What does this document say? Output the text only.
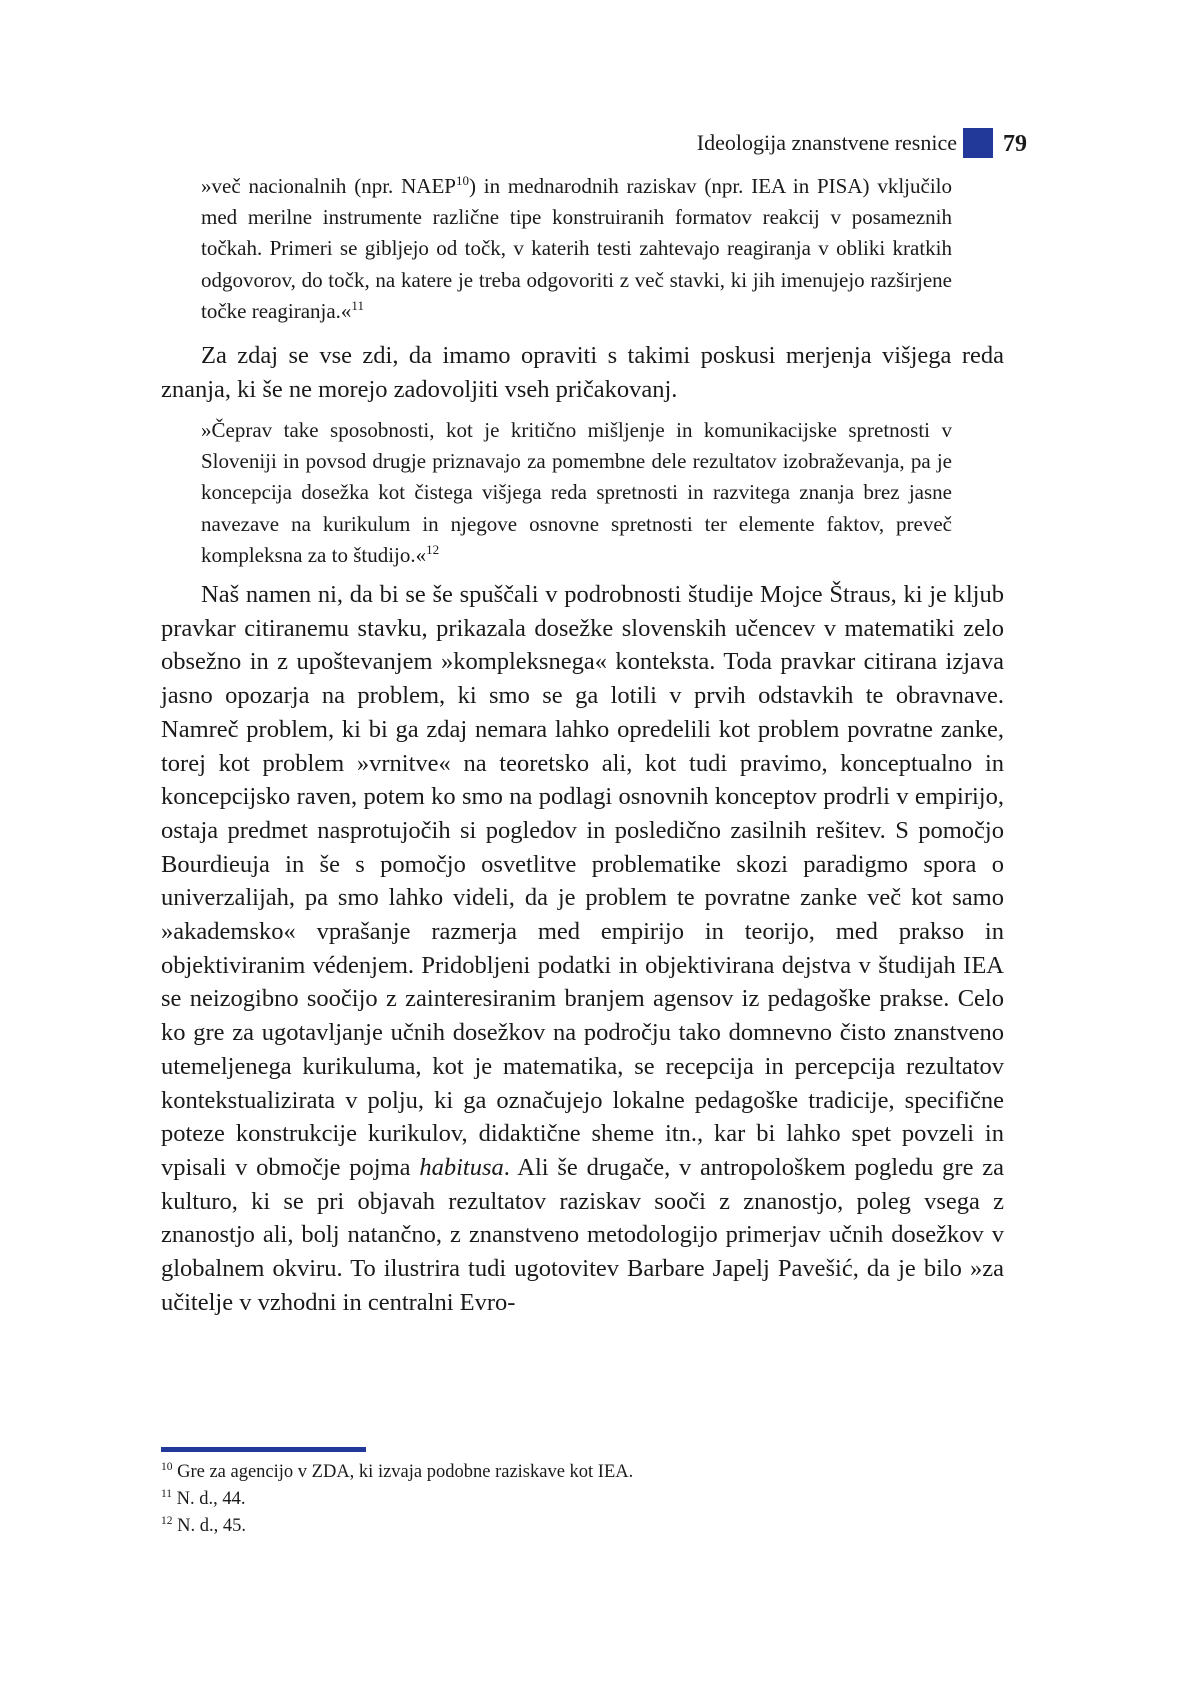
Ideologija znanstvene resnice 79

»več nacionalnih (npr. NAEP$^{10}$) in mednarodnih raziskav (npr. IEA in PISA) vključilo med merilne instrumente različne tipe konstruiranih formatov reakcij v posameznih točkah. Primeri se gibljejo od točk, v katerih testi zahtevajo reagiranja v obliki kratkih odgovorov, do točk, na katere je treba odgovoriti z več stavki, ki jih imenujejo razširjene točke reagiranja.«$^{11}$

Za zdaj se vse zdi, da imamo opraviti s takimi poskusi merjenja višjega reda znanja, ki še ne morejo zadovoljiti vseh pričakovanj.

»Čeprav take sposobnosti, kot je kritično mišljenje in komunikacijske spretnosti v Sloveniji in povsod drugje priznavajo za pomembne dele rezultatov izobraževanja, pa je koncepcija dosežka kot čistega višjega reda spretnosti in razvitega znanja brez jasne navezave na kurikulum in njegove osnovne spretnosti ter elemente faktov, preveč kompleksna za to študijo.«$^{12}$

Naš namen ni, da bi se še spuščali v podrobnosti študije Mojce Štraus, ki je kljub pravkar citiranemu stavku, prikazala dosežke slovenskih učencev v matematiki zelo obsežno in z upoštevanjem »kompleksnega« konteksta. Toda pravkar citirana izjava jasno opozarja na problem, ki smo se ga lotili v prvih odstavkih te obravnave. Namreč problem, ki bi ga zdaj nemara lahko opredelili kot problem povratne zanke, torej kot problem »vrnitve« na teoretsko ali, kot tudi pravimo, konceptualno in koncepcijsko raven, potem ko smo na podlagi osnovnih konceptov prodrli v empirijo, ostaja predmet nasprotujočih si pogledov in posledično zasilnih rešitev. S pomočjo Bourdieuja in še s pomočjo osvetlitve problematike skozi paradigmo spora o univerzalijah, pa smo lahko videli, da je problem te povratne zanke več kot samo »akademsko« vprašanje razmerja med empirijo in teorijo, med prakso in objektiviranim védenjem. Pridobljeni podatki in objektivirana dejstva v študijah IEA se neizogibno soočijo z zainteresiranim branjem agensov iz pedagoške prakse. Celo ko gre za ugotavljanje učnih dosežkov na področju tako domnevno čisto znanstveno utemeljenega kurikuluma, kot je matematika, se recepcija in percepcija rezultatov kontekstualizirata v polju, ki ga označujejo lokalne pedagoške tradicije, specifične poteze konstrukcije kurikulov, didaktične sheme itn., kar bi lahko spet povzeli in vpisali v območje pojma habitusa. Ali še drugače, v antropološkem pogledu gre za kulturo, ki se pri objavah rezultatov raziskav sooči z znanostjo, poleg vsega z znanostjo ali, bolj natančno, z znanstveno metodologijo primerjav učnih dosežkov v globalnem okviru. To ilustrira tudi ugotovitev Barbare Japelj Pavešić, da je bilo »za učitelje v vzhodni in centralni Evro-

$^{10}$ Gre za agencijo v ZDA, ki izvaja podobne raziskave kot IEA.

$^{11}$ N. d., 44.

$^{12}$ N. d., 45.
